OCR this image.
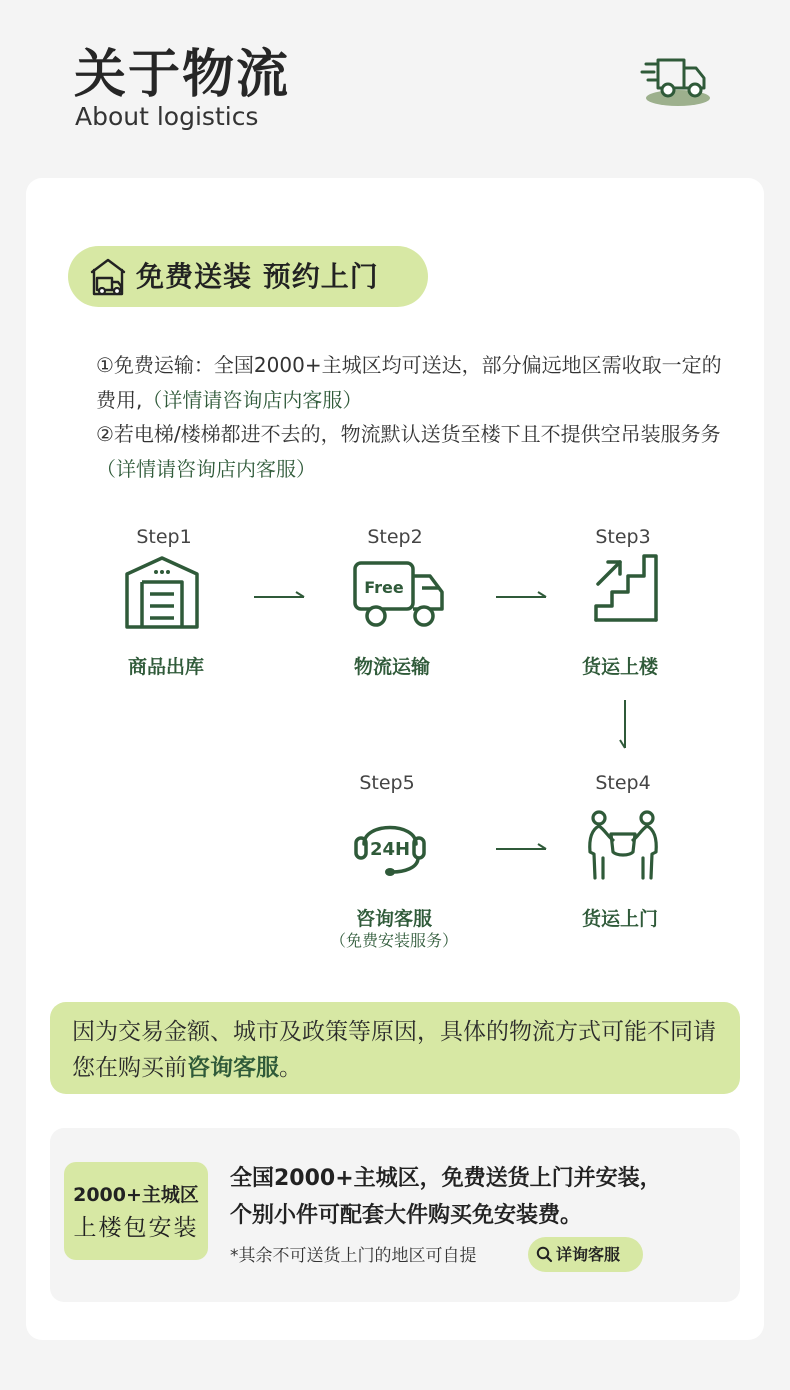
关于物流
About logistics
免费送装 预约上门
①免费运输：全国2000+主城区均可送达，部分偏远地区需收取一定的费用,（详情请咨询店内客服）
②若电梯/楼梯都进不去的，物流默认送货至楼下且不提供空吊装服务务（详情请咨询店内客服）
Step1
商品出库
Step2
Free
物流运输
Step3
货运上楼
Step5
24H
咨询客服
（免费安装服务）
Step4
货运上门
因为交易金额、城市及政策等原因，具体的物流方式可能不同请您在购买前咨询客服。
2000+主城区
上楼包安装
全国2000+主城区，免费送货上门并安装，
个别小件可配套大件购买免安装费。
*其余不可送货上门的地区可自提	详询客服
